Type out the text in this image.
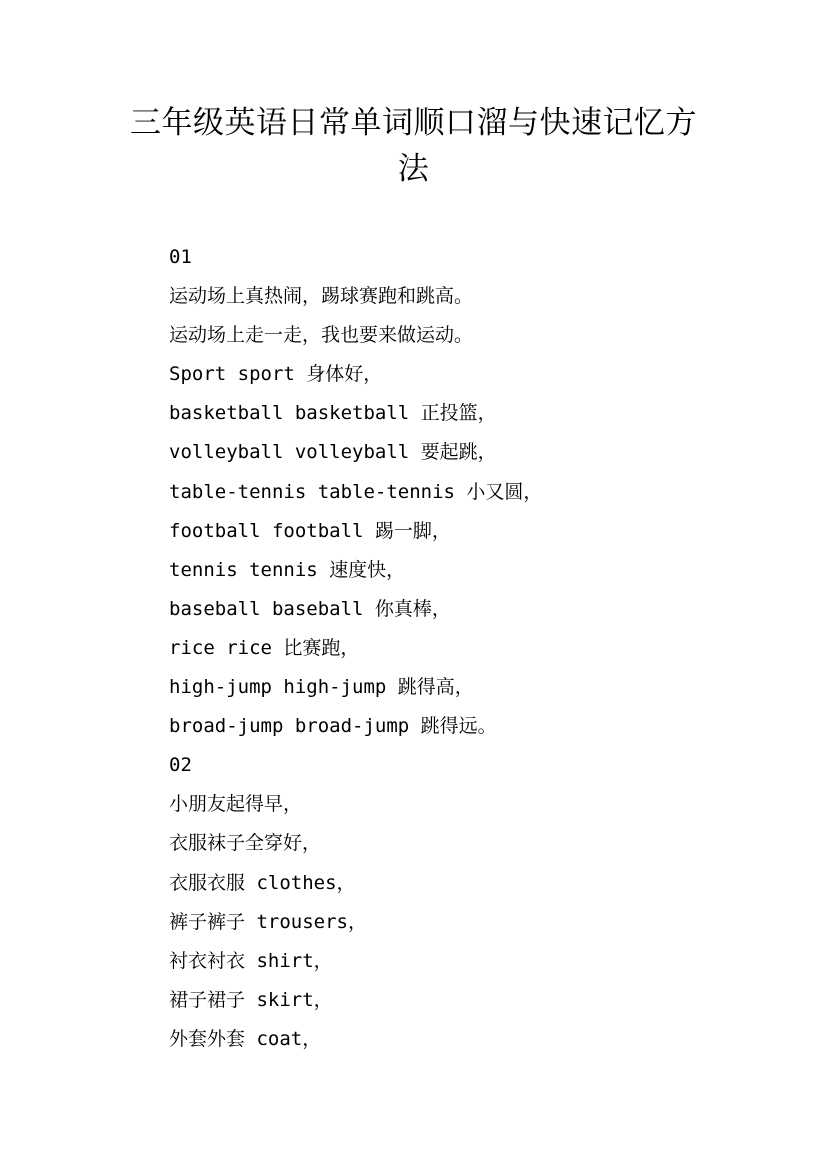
三年级英语日常单词顺口溜与快速记忆方
法
01
运动场上真热闹，踢球赛跑和跳高。
运动场上走一走，我也要来做运动。
Sport sport 身体好，
basketball basketball 正投篮，
volleyball volleyball 要起跳，
table-tennis table-tennis 小又圆，
football football 踢一脚，
tennis tennis 速度快，
baseball baseball 你真棒，
rice rice 比赛跑，
high-jump high-jump 跳得高，
broad-jump broad-jump 跳得远。
02
小朋友起得早，
衣服袜子全穿好，
衣服衣服 clothes，
裤子裤子 trousers，
衬衣衬衣 shirt，
裙子裙子 skirt，
外套外套 coat，
